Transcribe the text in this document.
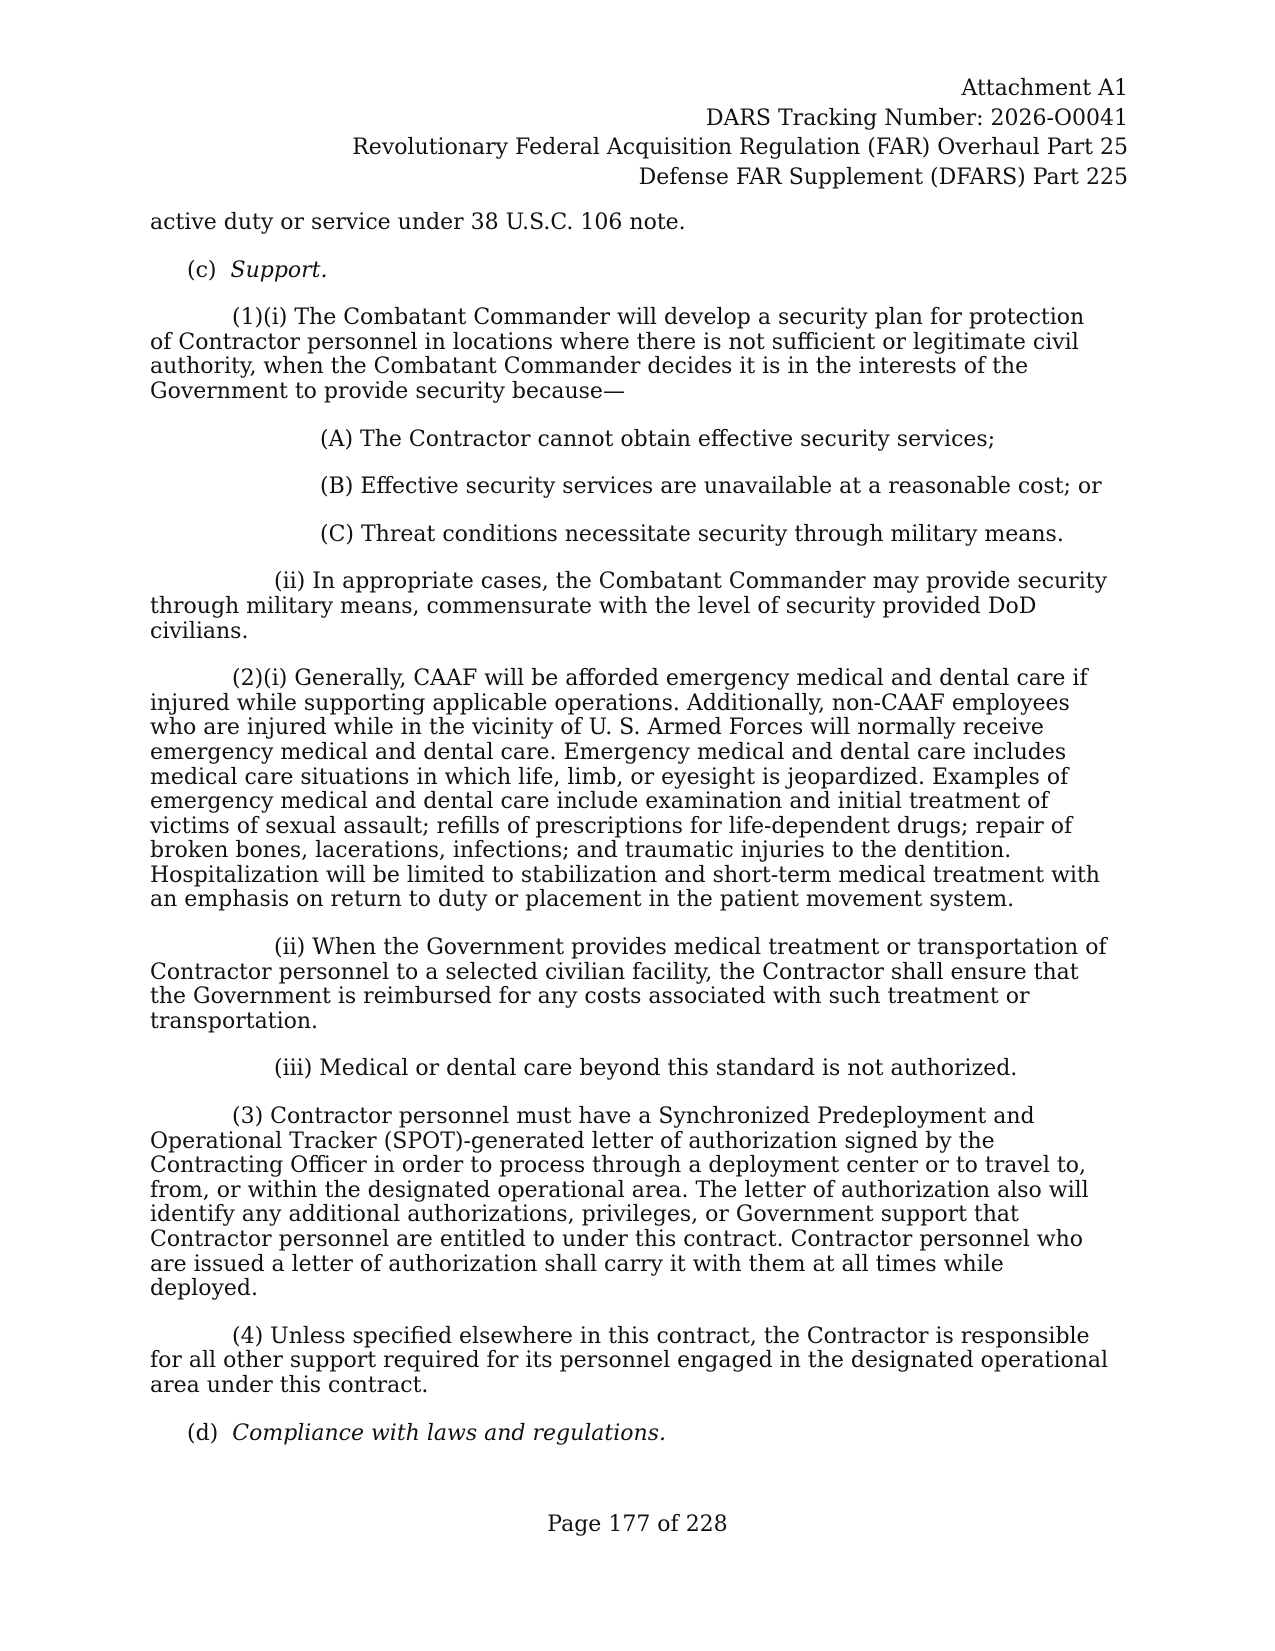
Attachment A1
DARS Tracking Number: 2026-O0041
Revolutionary Federal Acquisition Regulation (FAR) Overhaul Part 25
Defense FAR Supplement (DFARS) Part 225

active duty or service under 38 U.S.C. 106 note.

(c) Support.

(1)(i) The Combatant Commander will develop a security plan for protection of Contractor personnel in locations where there is not sufficient or legitimate civil authority, when the Combatant Commander decides it is in the interests of the Government to provide security because—

(A) The Contractor cannot obtain effective security services;

(B) Effective security services are unavailable at a reasonable cost; or

(C) Threat conditions necessitate security through military means.

(ii) In appropriate cases, the Combatant Commander may provide security through military means, commensurate with the level of security provided DoD civilians.

(2)(i) Generally, CAAF will be afforded emergency medical and dental care if injured while supporting applicable operations. Additionally, non-CAAF employees who are injured while in the vicinity of U. S. Armed Forces will normally receive emergency medical and dental care. Emergency medical and dental care includes medical care situations in which life, limb, or eyesight is jeopardized. Examples of emergency medical and dental care include examination and initial treatment of victims of sexual assault; refills of prescriptions for life-dependent drugs; repair of broken bones, lacerations, infections; and traumatic injuries to the dentition. Hospitalization will be limited to stabilization and short-term medical treatment with an emphasis on return to duty or placement in the patient movement system.

(ii) When the Government provides medical treatment or transportation of Contractor personnel to a selected civilian facility, the Contractor shall ensure that the Government is reimbursed for any costs associated with such treatment or transportation.

(iii) Medical or dental care beyond this standard is not authorized.

(3) Contractor personnel must have a Synchronized Predeployment and Operational Tracker (SPOT)-generated letter of authorization signed by the Contracting Officer in order to process through a deployment center or to travel to, from, or within the designated operational area. The letter of authorization also will identify any additional authorizations, privileges, or Government support that Contractor personnel are entitled to under this contract. Contractor personnel who are issued a letter of authorization shall carry it with them at all times while deployed.

(4) Unless specified elsewhere in this contract, the Contractor is responsible for all other support required for its personnel engaged in the designated operational area under this contract.

(d) Compliance with laws and regulations.

Page 177 of 228
